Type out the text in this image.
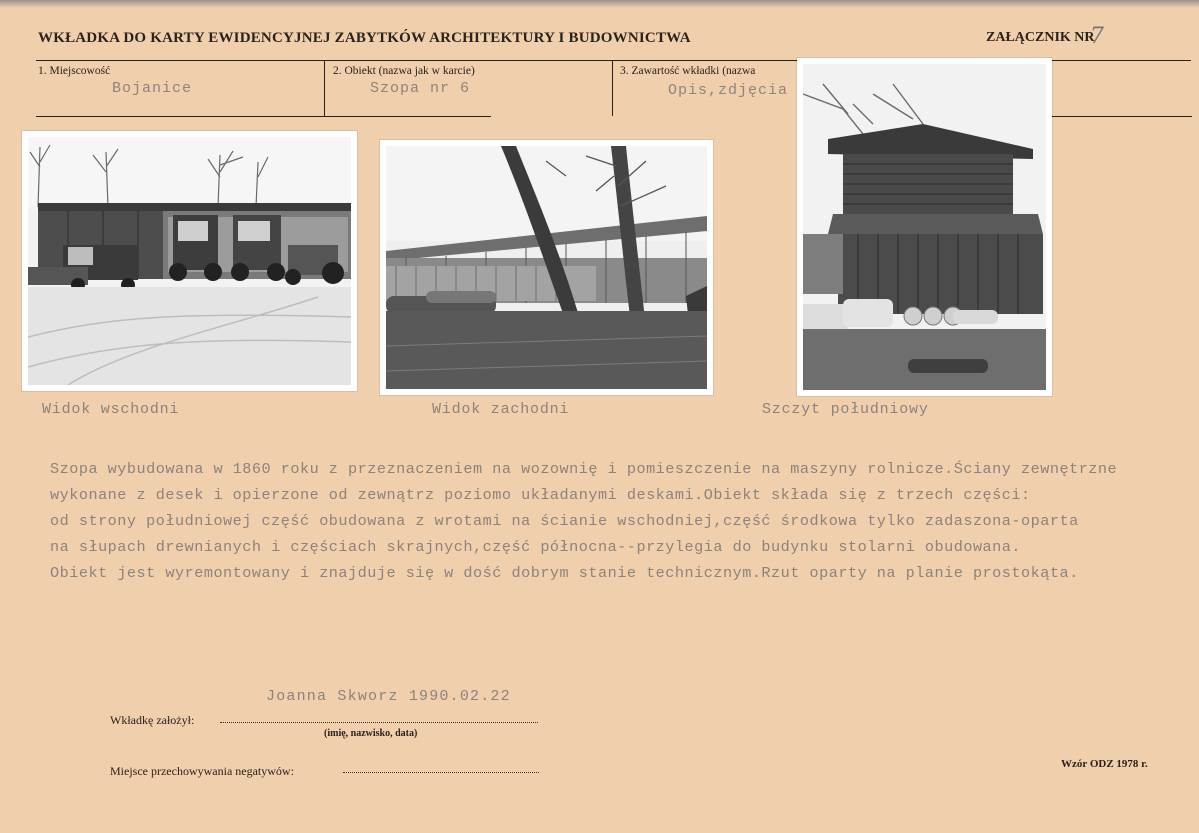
WKŁADKA DO KARTY EWIDENCYJNEJ ZABYTKÓW ARCHITEKTURY I BUDOWNICTWA	ZAŁĄCZNIK NR
7
1. Miejscowość
Bojanice
2. Obiekt (nazwa jak w karcie)
Szopa nr 6
3. Zawartość wkładki (nazwa
Opis,zdjęcia
Widok wschodni	Widok zachodni	Szczyt południowy
Szopa wybudowana w 1860 roku z przeznaczeniem na wozownię i pomieszczenie na maszyny rolnicze.Ściany zewnętrzne
wykonane z desek i opierzone od zewnątrz poziomo układanymi deskami.Obiekt składa się z trzech części:
od strony południowej część obudowana z wrotami na ścianie wschodniej,część środkowa tylko zadaszona-oparta
na słupach drewnianych i częściach skrajnych,część północna--przylegia do budynku stolarni obudowana.
Obiekt jest wyremontowany i znajduje się w dość dobrym stanie technicznym.Rzut oparty na planie prostokąta.
Joanna Skworz 1990.02.22
Wkładkę założył:
(imię, nazwisko, data)
Miejsce przechowywania negatywów:	Wzór ODZ 1978 r.
